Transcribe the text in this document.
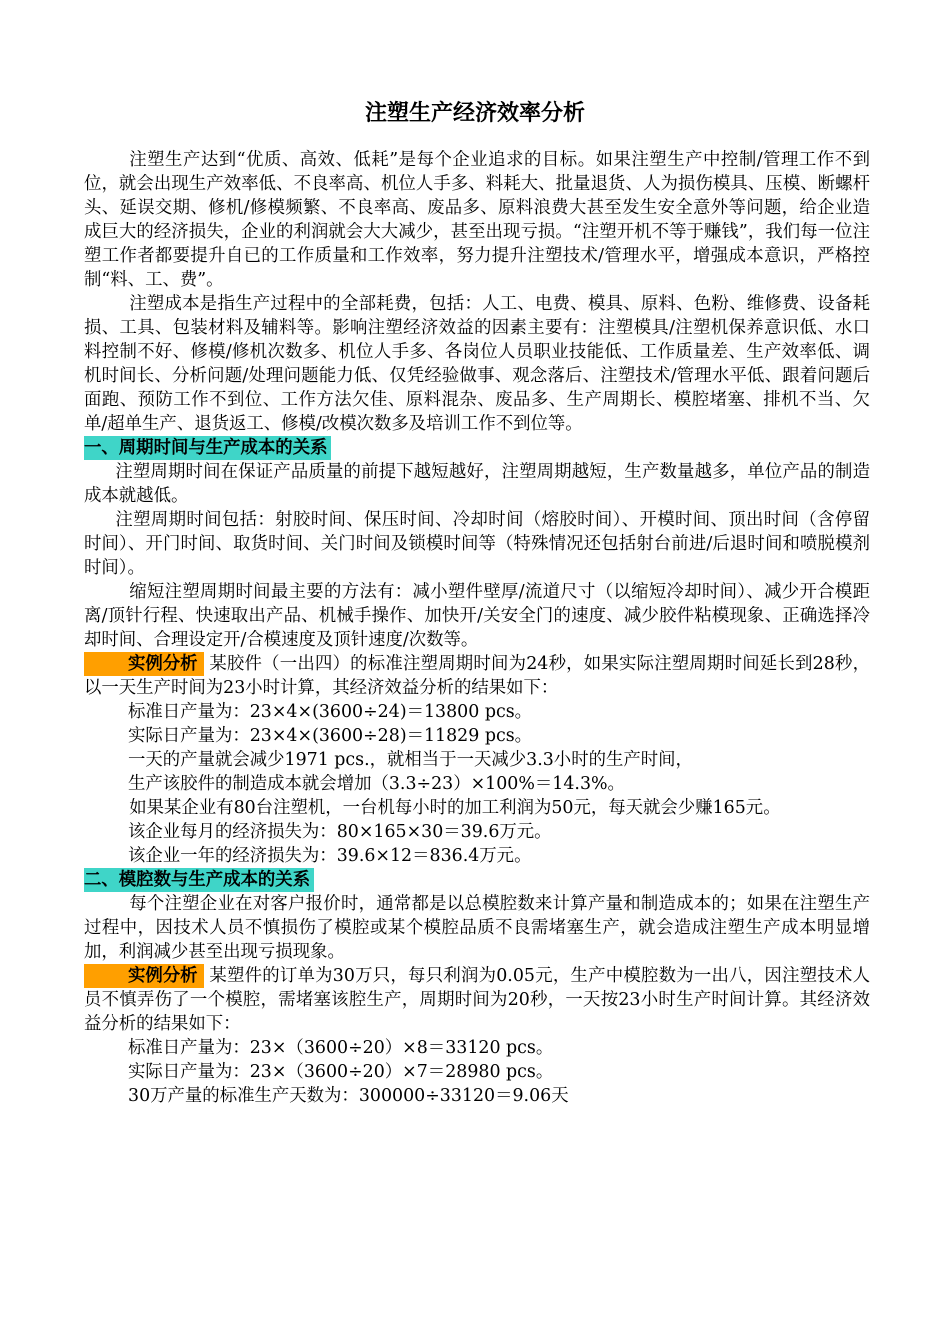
注塑生产经济效率分析

注塑生产达到“优质、高效、低耗”是每个企业追求的目标。如果注塑生产中控制/管理工作不到位，就会出现生产效率低、不良率高、机位人手多、料耗大、批量退货、人为损伤模具、压模、断螺杆头、延误交期、修机/修模频繁、不良率高、废品多、原料浪费大甚至发生安全意外等问题，给企业造成巨大的经济损失，企业的利润就会大大减少，甚至出现亏损。“注塑开机不等于赚钱”，我们每一位注塑工作者都要提升自已的工作质量和工作效率，努力提升注塑技术/管理水平，增强成本意识，严格控制“料、工、费”。

注塑成本是指生产过程中的全部耗费，包括：人工、电费、模具、原料、色粉、维修费、设备耗损、工具、包装材料及辅料等。影响注塑经济效益的因素主要有：注塑模具/注塑机保养意识低、水口料控制不好、修模/修机次数多、机位人手多、各岗位人员职业技能低、工作质量差、生产效率低、调机时间长、分析问题/处理问题能力低、仅凭经验做事、观念落后、注塑技术/管理水平低、跟着问题后面跑、预防工作不到位、工作方法欠佳、原料混杂、废品多、生产周期长、模腔堵塞、排机不当、欠单/超单生产、退货返工、修模/改模次数多及培训工作不到位等。

一、周期时间与生产成本的关系

注塑周期时间在保证产品质量的前提下越短越好，注塑周期越短，生产数量越多，单位产品的制造成本就越低。

注塑周期时间包括：射胶时间、保压时间、冷却时间（熔胶时间）、开模时间、顶出时间（含停留时间）、开门时间、取货时间、关门时间及锁模时间等（特殊情况还包括射台前进/后退时间和喷脱模剂时间）。

缩短注塑周期时间最主要的方法有：减小塑件壁厚/流道尺寸（以缩短冷却时间）、减少开合模距离/顶针行程、快速取出产品、机械手操作、加快开/关安全门的速度、减少胶件粘模现象、正确选择冷却时间、合理设定开/合模速度及顶针速度/次数等。

实例分析 某胶件（一出四）的标准注塑周期时间为24秒，如果实际注塑周期时间延长到28秒，以一天生产时间为23小时计算，其经济效益分析的结果如下：

标准日产量为：23×4×(3600÷24)＝13800 pcs。

实际日产量为：23×4×(3600÷28)＝11829 pcs。

一天的产量就会减少1971 pcs.，就相当于一天减少3.3小时的生产时间，

生产该胶件的制造成本就会增加（3.3÷23）×100%＝14.3%。

如果某企业有80台注塑机，一台机每小时的加工利润为50元，每天就会少赚165元。

该企业每月的经济损失为：80×165×30＝39.6万元。

该企业一年的经济损失为：39.6×12＝836.4万元。

二、模腔数与生产成本的关系

每个注塑企业在对客户报价时，通常都是以总模腔数来计算产量和制造成本的；如果在注塑生产过程中，因技术人员不慎损伤了模腔或某个模腔品质不良需堵塞生产，就会造成注塑生产成本明显增加，利润减少甚至出现亏损现象。

实例分析 某塑件的订单为30万只，每只利润为0.05元，生产中模腔数为一出八，因注塑技术人员不慎弄伤了一个模腔，需堵塞该腔生产，周期时间为20秒，一天按23小时生产时间计算。其经济效益分析的结果如下：

标准日产量为：23×（3600÷20）×8＝33120 pcs。

实际日产量为：23×（3600÷20）×7＝28980 pcs。

30万产量的标准生产天数为：300000÷33120＝9.06天
